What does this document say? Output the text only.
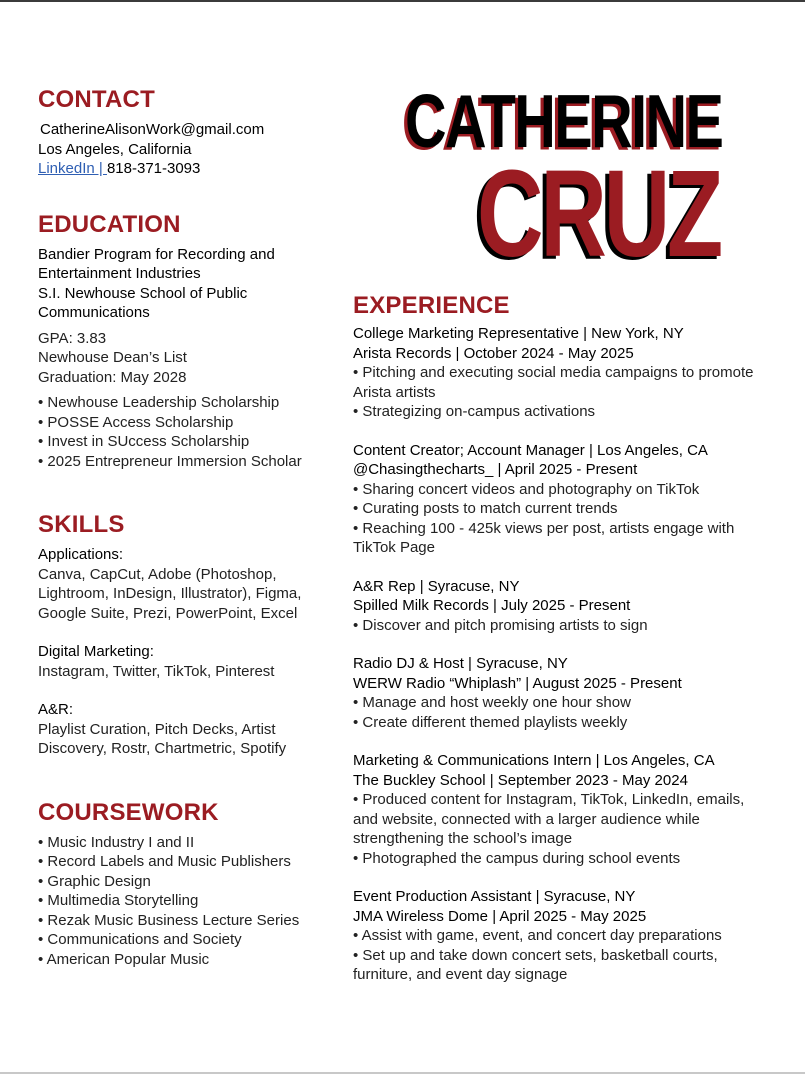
CATHERINE
CRUZ
CONTACT
CatherineAlisonWork@gmail.com
Los Angeles, California
LinkedIn | 818-371-3093
EDUCATION
Bandier Program for Recording and
Entertainment Industries
S.I. Newhouse School of Public
Communications
GPA: 3.83
Newhouse Dean’s List
Graduation: May 2028
• Newhouse Leadership Scholarship
• POSSE Access Scholarship
• Invest in SUccess Scholarship
• 2025 Entrepreneur Immersion Scholar
SKILLS
Applications:
Canva, CapCut, Adobe (Photoshop,
Lightroom, InDesign, Illustrator), Figma,
Google Suite, Prezi, PowerPoint, Excel
Digital Marketing:
Instagram, Twitter, TikTok, Pinterest
A&R:
Playlist Curation, Pitch Decks, Artist
Discovery, Rostr, Chartmetric, Spotify
COURSEWORK
• Music Industry I and II
• Record Labels and Music Publishers
• Graphic Design
• Multimedia Storytelling
• Rezak Music Business Lecture Series
• Communications and Society
• American Popular Music
EXPERIENCE
College Marketing Representative | New York, NY
Arista Records | October 2024 - May 2025
• Pitching and executing social media campaigns to promote Arista artists
• Strategizing on-campus activations
Content Creator; Account Manager | Los Angeles, CA
@Chasingthecharts_ | April 2025 - Present
• Sharing concert videos and photography on TikTok
• Curating posts to match current trends
• Reaching 100 - 425k views per post, artists engage with TikTok Page
A&R Rep | Syracuse, NY
Spilled Milk Records | July 2025 - Present
• Discover and pitch promising artists to sign
Radio DJ & Host | Syracuse, NY
WERW Radio “Whiplash” | August 2025 - Present
• Manage and host weekly one hour show
• Create different themed playlists weekly
Marketing & Communications Intern | Los Angeles, CA
The Buckley School | September 2023 - May 2024
• Produced content for Instagram, TikTok, LinkedIn, emails, and website, connected with a larger audience while strengthening the school’s image
• Photographed the campus during school events
Event Production Assistant | Syracuse, NY
JMA Wireless Dome | April 2025 - May 2025
• Assist with game, event, and concert day preparations
• Set up and take down concert sets, basketball courts, furniture, and event day signage
